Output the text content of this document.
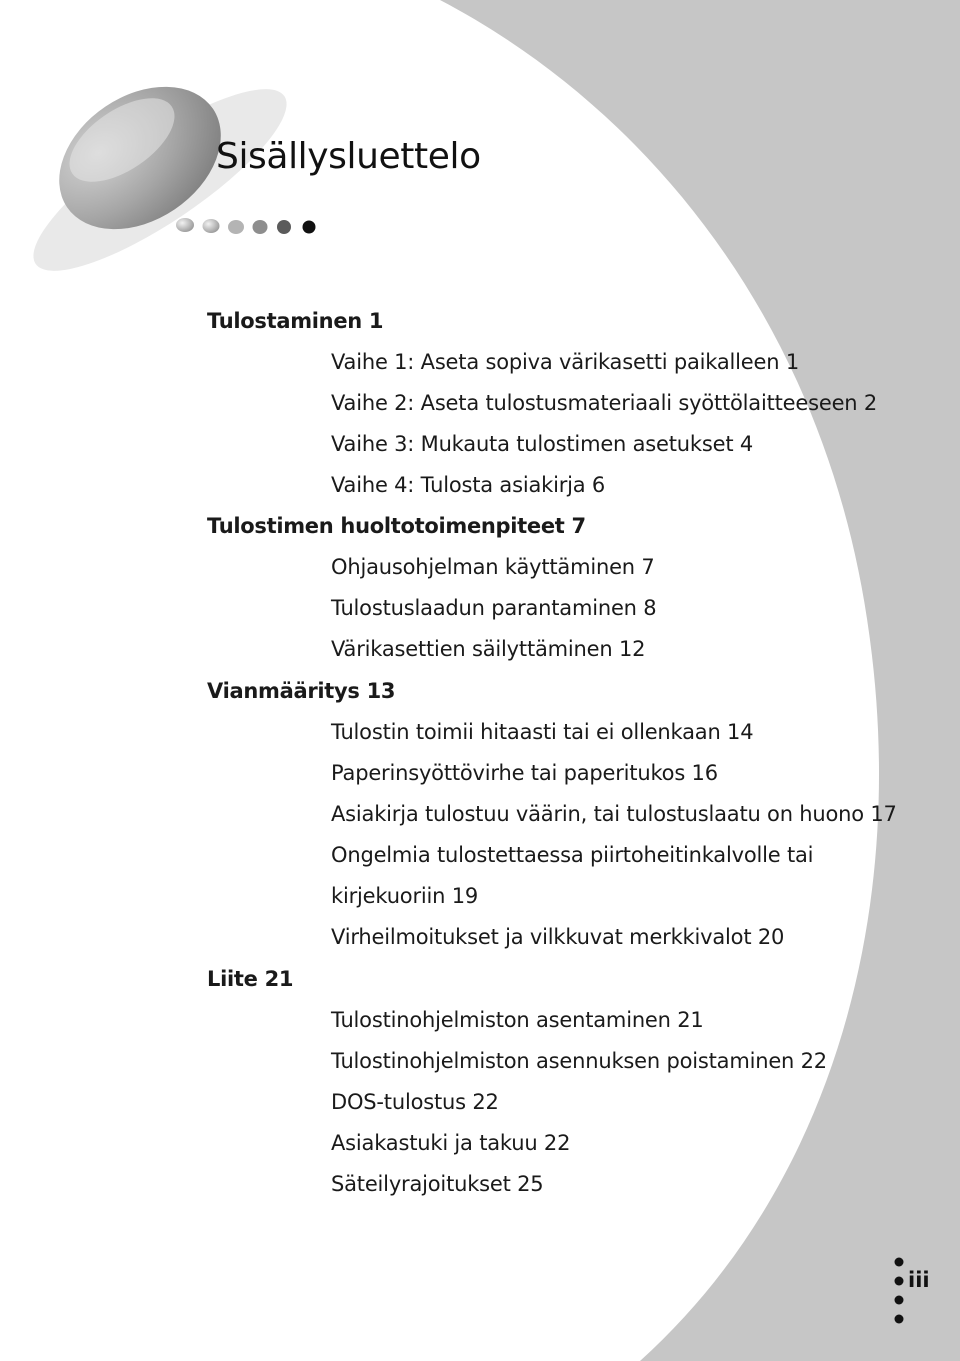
Sisällysluettelo
Tulostaminen 1
Vaihe 1: Aseta sopiva värikasetti paikalleen 1
Vaihe 2: Aseta tulostusmateriaali syöttölaitteeseen 2
Vaihe 3: Mukauta tulostimen asetukset 4
Vaihe 4: Tulosta asiakirja 6
Tulostimen huoltotoimenpiteet 7
Ohjausohjelman käyttäminen 7
Tulostuslaadun parantaminen 8
Värikasettien säilyttäminen 12
Vianmääritys 13
Tulostin toimii hitaasti tai ei ollenkaan 14
Paperinsyöttövirhe tai paperitukos 16
Asiakirja tulostuu väärin, tai tulostuslaatu on huono 17
Ongelmia tulostettaessa piirtoheitinkalvolle tai
kirjekuoriin 19
Virheilmoitukset ja vilkkuvat merkkivalot 20
Liite 21
Tulostinohjelmiston asentaminen 21
Tulostinohjelmiston asennuksen poistaminen 22
DOS-tulostus 22
Asiakastuki ja takuu 22
Säteilyrajoitukset 25
iii
